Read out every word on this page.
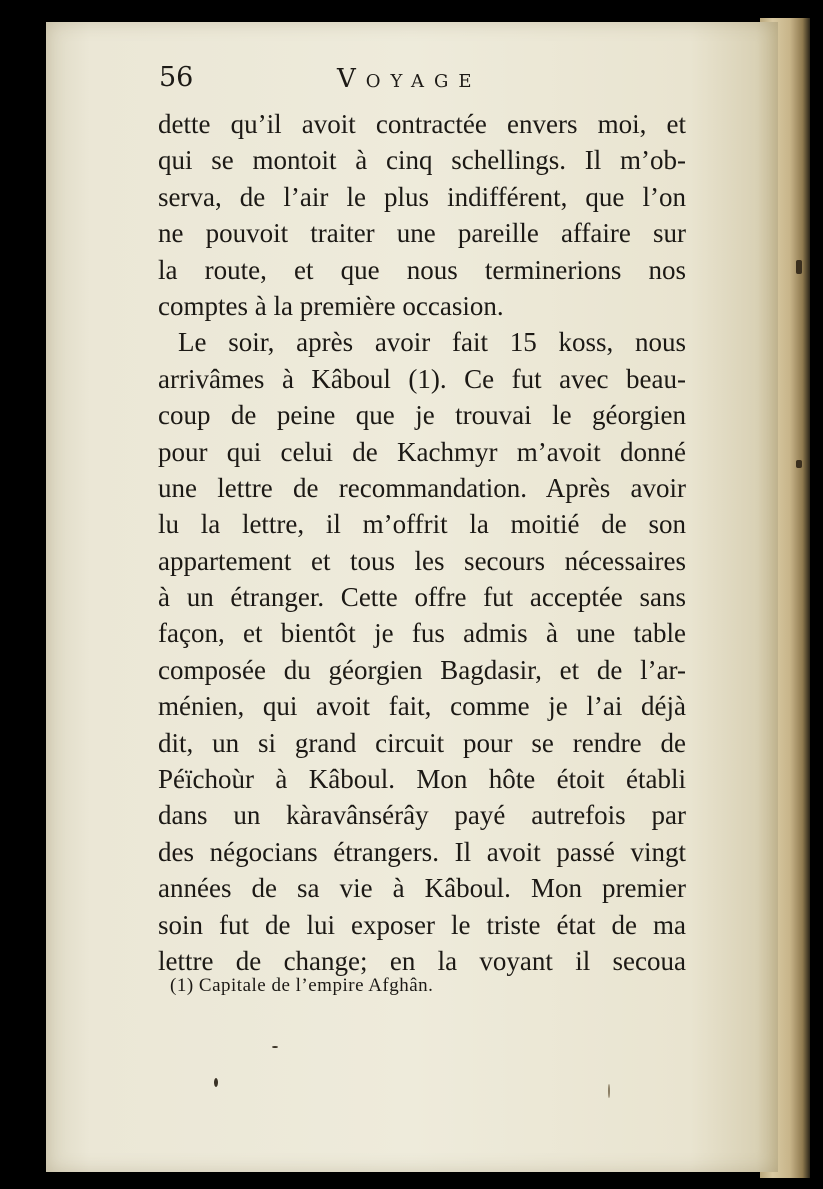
56	Voyage
dette qu’il avoit contractée envers moi, et
qui se montoit à cinq schellings. Il m’ob-
serva, de l’air le plus indifférent, que l’on
ne pouvoit traiter une pareille affaire sur
la route, et que nous terminerions nos
comptes à la première occasion.
Le soir, après avoir fait 15 koss, nous
arrivâmes à Kâboul (1). Ce fut avec beau-
coup de peine que je trouvai le géorgien
pour qui celui de Kachmyr m’avoit donné
une lettre de recommandation. Après avoir
lu la lettre, il m’offrit la moitié de son
appartement et tous les secours nécessaires
à un étranger. Cette offre fut acceptée sans
façon, et bientôt je fus admis à une table
composée du géorgien Bagdasir, et de l’ar-
ménien, qui avoit fait, comme je l’ai déjà
dit, un si grand circuit pour se rendre de
Péïchoùr à Kâboul. Mon hôte étoit établi
dans un kàravânsérây payé autrefois par
des négocians étrangers. Il avoit passé vingt
années de sa vie à Kâboul. Mon premier
soin fut de lui exposer le triste état de ma
lettre de change; en la voyant il secoua
(1) Capitale de l’empire Afghân.
